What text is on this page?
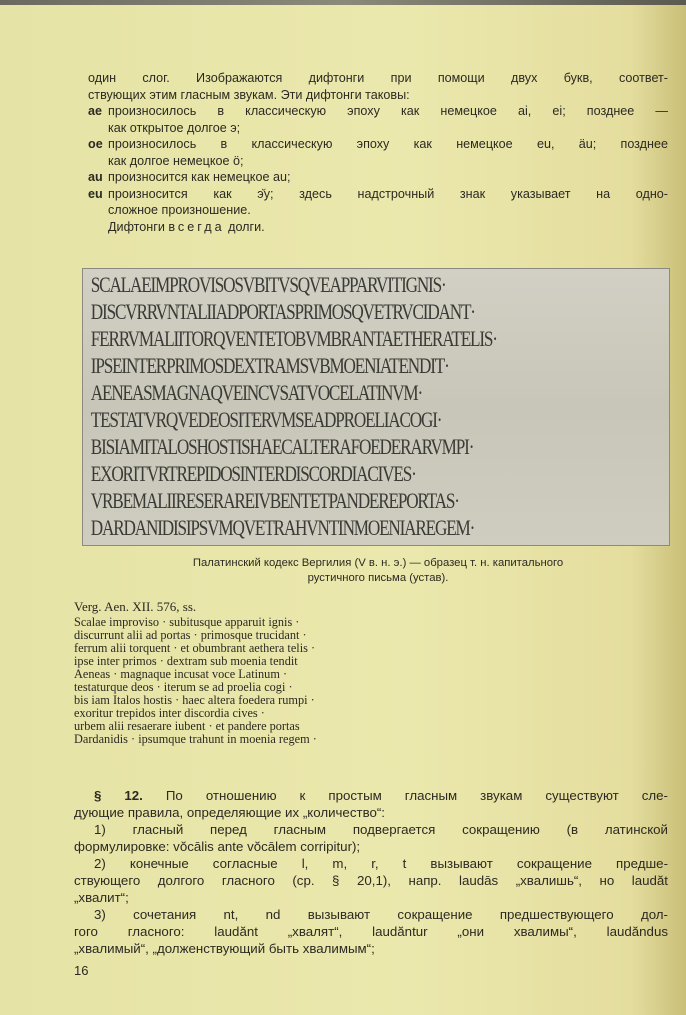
один слог. Изображаются дифтонги при помощи двух букв, соответ-
ствующих этим гласным звукам. Эти дифтонги таковы:
ae произносилось в классическую эпоху как немецкое ai, ei; позднее —
как открытое долгое э;
oe произносилось в классическую эпоху как немецкое eu, äu; позднее
как долгое немецкое ö;
au произносится как немецкое au;
eu произносится как э̆у; здесь надстрочный знак указывает на одно-
сложное произношение.
Дифтонги всегда долги.
SCALAEIMPROVISOSVBITVSQVEAPPARVITIGNIS·
DISCVRRVNTALIIADPORTASPRIMOSQVETRVCIDANT·
FERRVMALIITORQVENTETOBVMBRANTAETHERATELIS·
IPSEINTERPRIMOSDEXTRAMSVBMOENIATENDIT·
AENEASMAGNAQVEINCVSATVOCELATINVM·
TESTATVRQVEDEOSITERVMSEADPROELIACOGI·
BISIAMITALOSHOSTISHAECALTERAFOEDERARVMPI·
EXORITVRTREPIDOSINTERDISCORDIACIVES·
VRBEMALIIRESERAREIVBENTETPANDEREPORTAS·
DARDANIDISIPSVMQVETRAHVNTINMOENIAREGEM·
Палатинский кодекс Вергилия (V в. н. э.) — образец т. н. капитального
рустичного письма (устав).
Verg. Aen. XII. 576, ss.
Scalae improviso · subitusque apparuit ignis ·
discurrunt alii ad portas · primosque trucidant ·
ferrum alii torquent · et obumbrant aethera telis ·
ipse inter primos · dextram sub moenia tendit
Aeneas · magnaque incusat voce Latinum ·
testaturque deos · iterum se ad proelia cogi ·
bis iam Italos hostis · haec altera foedera rumpi ·
exoritur trepidos inter discordia cives ·
urbem alii resaerare iubent · et pandere portas
Dardanidis · ipsumque trahunt in moenia regem ·
§ 12. По отношению к простым гласным звукам существуют сле-
дующие правила, определяющие их „количество“:
1) гласный перед гласным подвергается сокращению (в латинской
формулировке: vŏcālis ante vŏcālem corripitur);
2) конечные согласные l, m, r, t вызывают сокращение предше-
ствующего долгого гласного (ср. § 20,1), напр. laudās „хвалишь“, но laudăt
„хвалит“;
3) сочетания nt, nd вызывают сокращение предшествующего дол-
гого гласного: laudănt „хвалят“, laudăntur „они хвалимы“, laudăndus
„хвалимый“, „долженствующий быть хвалимым“;
16
